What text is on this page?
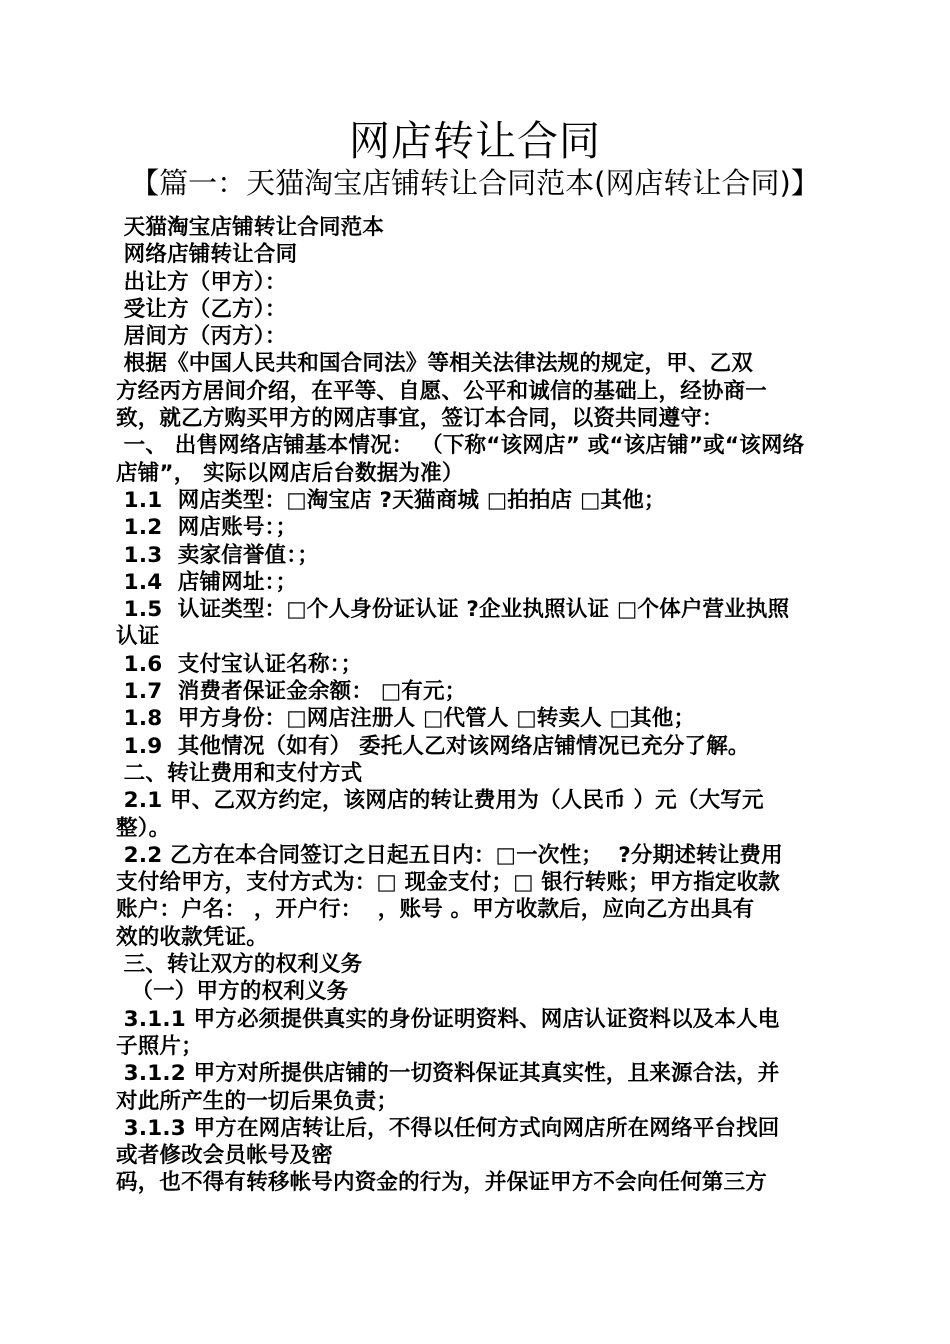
网店转让合同
【篇一：天猫淘宝店铺转让合同范本(网店转让合同)】

天猫淘宝店铺转让合同范本

网络店铺转让合同

出让方（甲方）：

受让方（乙方）：

居间方（丙方）：

根据《中国人民共和国合同法》等相关法律法规的规定，甲、乙双

方经丙方居间介绍，在平等、自愿、公平和诚信的基础上，经协商一

致，就乙方购买甲方的网店事宜，签订本合同，以资共同遵守：

一、 出售网络店铺基本情况： （下称“该网店” 或“该店铺”或“该网络

店铺”， 实际以网店后台数据为准）

1.1  网店类型：□淘宝店 ?天猫商城 □拍拍店 □其他；

1.2  网店账号：；

1.3  卖家信誉值：；

1.4  店铺网址：；

1.5  认证类型：□个人身份证认证 ?企业执照认证 □个体户营业执照

认证

1.6  支付宝认证名称：；

1.7  消费者保证金余额： □有元；

1.8  甲方身份：□网店注册人 □代管人 □转卖人 □其他；

1.9  其他情况（如有） 委托人乙对该网络店铺情况已充分了解。

二、转让费用和支付方式

2.1 甲、乙双方约定，该网店的转让费用为（人民币 ）元（大写元

整）。

2.2 乙方在本合同签订之日起五日内：□一次性；  ?分期述转让费用

支付给甲方，支付方式为：□ 现金支付；□ 银行转账；甲方指定收款

账户：户名： ，开户行：  ，账号 。甲方收款后，应向乙方出具有

效的收款凭证。

三、转让双方的权利义务

（一）甲方的权利义务

3.1.1 甲方必须提供真实的身份证明资料、网店认证资料以及本人电

子照片；

3.1.2 甲方对所提供店铺的一切资料保证其真实性，且来源合法，并

对此所产生的一切后果负责；

3.1.3 甲方在网店转让后，不得以任何方式向网店所在网络平台找回

或者修改会员帐号及密

码，也不得有转移帐号内资金的行为，并保证甲方不会向任何第三方
